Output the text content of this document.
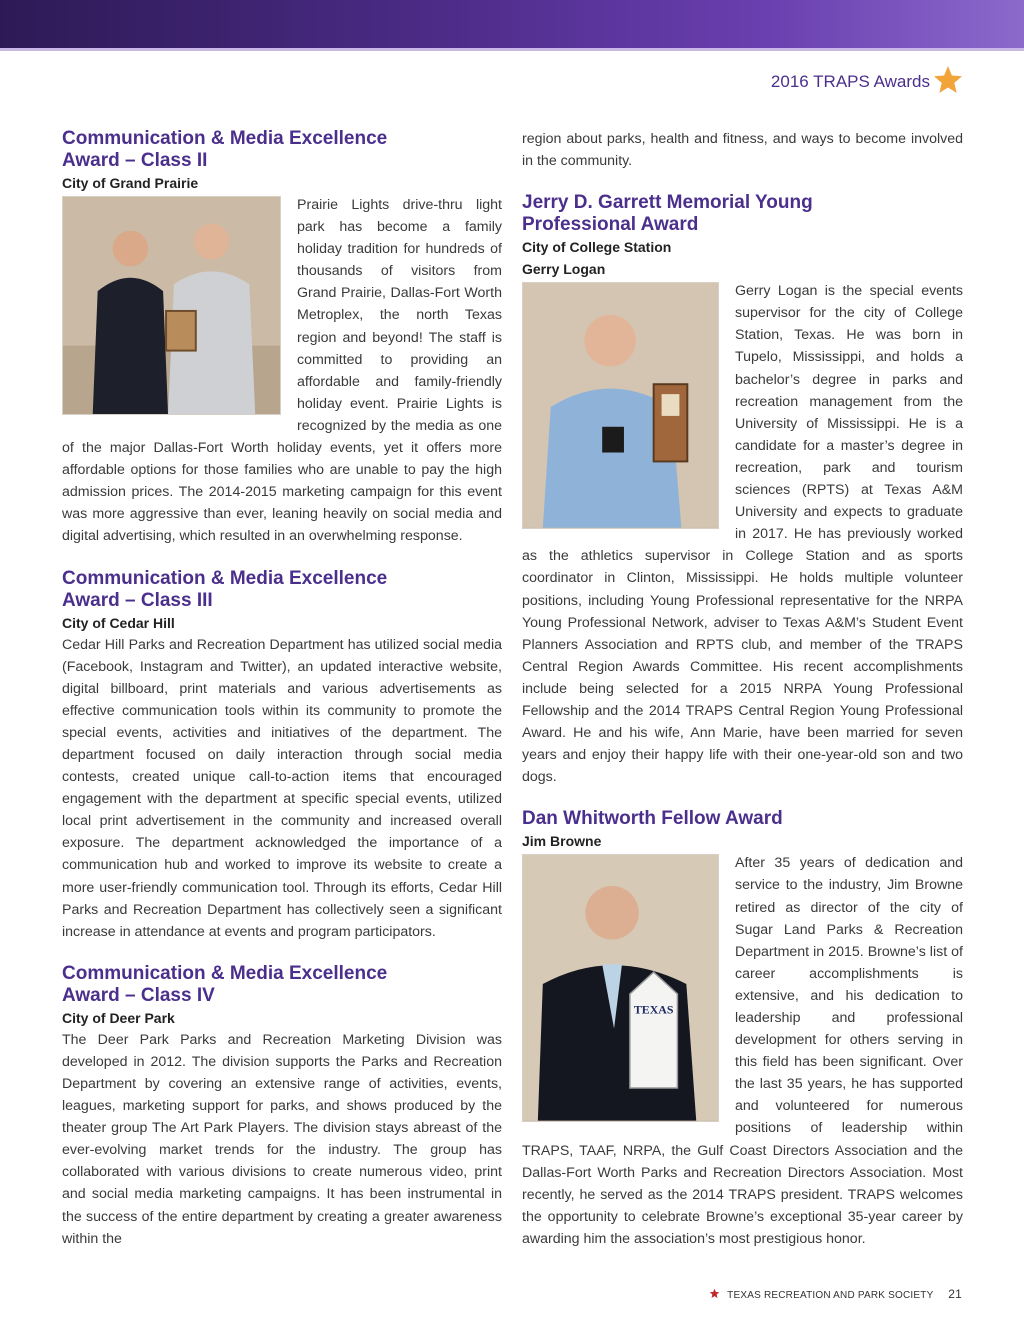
2016 TRAPS Awards
Communication & Media Excellence
Award – Class II
City of Grand Prairie

Prairie Lights drive-thru light park has become a family holiday tradition for hundreds of thousands of visitors from Grand Prairie, Dallas-Fort Worth Metroplex, the north Texas region and beyond! The staff is committed to providing an affordable and family-friendly holiday event. Prairie Lights is recognized by the media as one of the major Dallas-Fort Worth holiday events, yet it offers more affordable options for those families who are unable to pay the high admission prices. The 2014-2015 marketing campaign for this event was more aggressive than ever, leaning heavily on social media and digital advertising, which resulted in an overwhelming response.

Communication & Media Excellence
Award – Class III
City of Cedar Hill

Cedar Hill Parks and Recreation Department has utilized social media (Facebook, Instagram and Twitter), an updated interactive website, digital billboard, print materials and various advertisements as effective communication tools within its community to promote the special events, activities and initiatives of the department. The department focused on daily interaction through social media contests, created unique call-to-action items that encouraged engagement with the department at specific special events, utilized local print advertisement in the community and increased overall exposure. The department acknowledged the importance of a communication hub and worked to improve its website to create a more user-friendly communication tool. Through its efforts, Cedar Hill Parks and Recreation Department has collectively seen a significant increase in attendance at events and program participators.

Communication & Media Excellence
Award – Class IV
City of Deer Park

The Deer Park Parks and Recreation Marketing Division was developed in 2012. The division supports the Parks and Recreation Department by covering an extensive range of activities, events, leagues, marketing support for parks, and shows produced by the theater group The Art Park Players. The division stays abreast of the ever-evolving market trends for the industry. The group has collaborated with various divisions to create numerous video, print and social media marketing campaigns. It has been instrumental in the success of the entire department by creating a greater awareness within the

region about parks, health and fitness, and ways to become involved in the community.

Jerry D. Garrett Memorial Young
Professional Award
City of College Station
Gerry Logan

Gerry Logan is the special events supervisor for the city of College Station, Texas. He was born in Tupelo, Mississippi, and holds a bachelor’s degree in parks and recreation management from the University of Mississippi. He is a candidate for a master’s degree in recreation, park and tourism sciences (RPTS) at Texas A&M University and expects to graduate in 2017. He has previously worked as the athletics supervisor in College Station and as sports coordinator in Clinton, Mississippi. He holds multiple volunteer positions, including Young Professional representative for the NRPA Young Professional Network, adviser to Texas A&M’s Student Event Planners Association and RPTS club, and member of the TRAPS Central Region Awards Committee. His recent accomplishments include being selected for a 2015 NRPA Young Professional Fellowship and the 2014 TRAPS Central Region Young Professional Award. He and his wife, Ann Marie, have been married for seven years and enjoy their happy life with their one-year-old son and two dogs.

Dan Whitworth Fellow Award
Jim Browne
TEXAS

After 35 years of dedication and service to the industry, Jim Browne retired as director of the city of Sugar Land Parks & Recreation Department in 2015. Browne’s list of career accomplishments is extensive, and his dedication to leadership and professional development for others serving in this field has been significant. Over the last 35 years, he has supported and volunteered for numerous positions of leadership within TRAPS, TAAF, NRPA, the Gulf Coast Directors Association and the Dallas-Fort Worth Parks and Recreation Directors Association. Most recently, he served as the 2014 TRAPS president. TRAPS welcomes the opportunity to celebrate Browne’s exceptional 35-year career by awarding him the association’s most prestigious honor.

TEXAS RECREATION AND PARK SOCIETY 21
